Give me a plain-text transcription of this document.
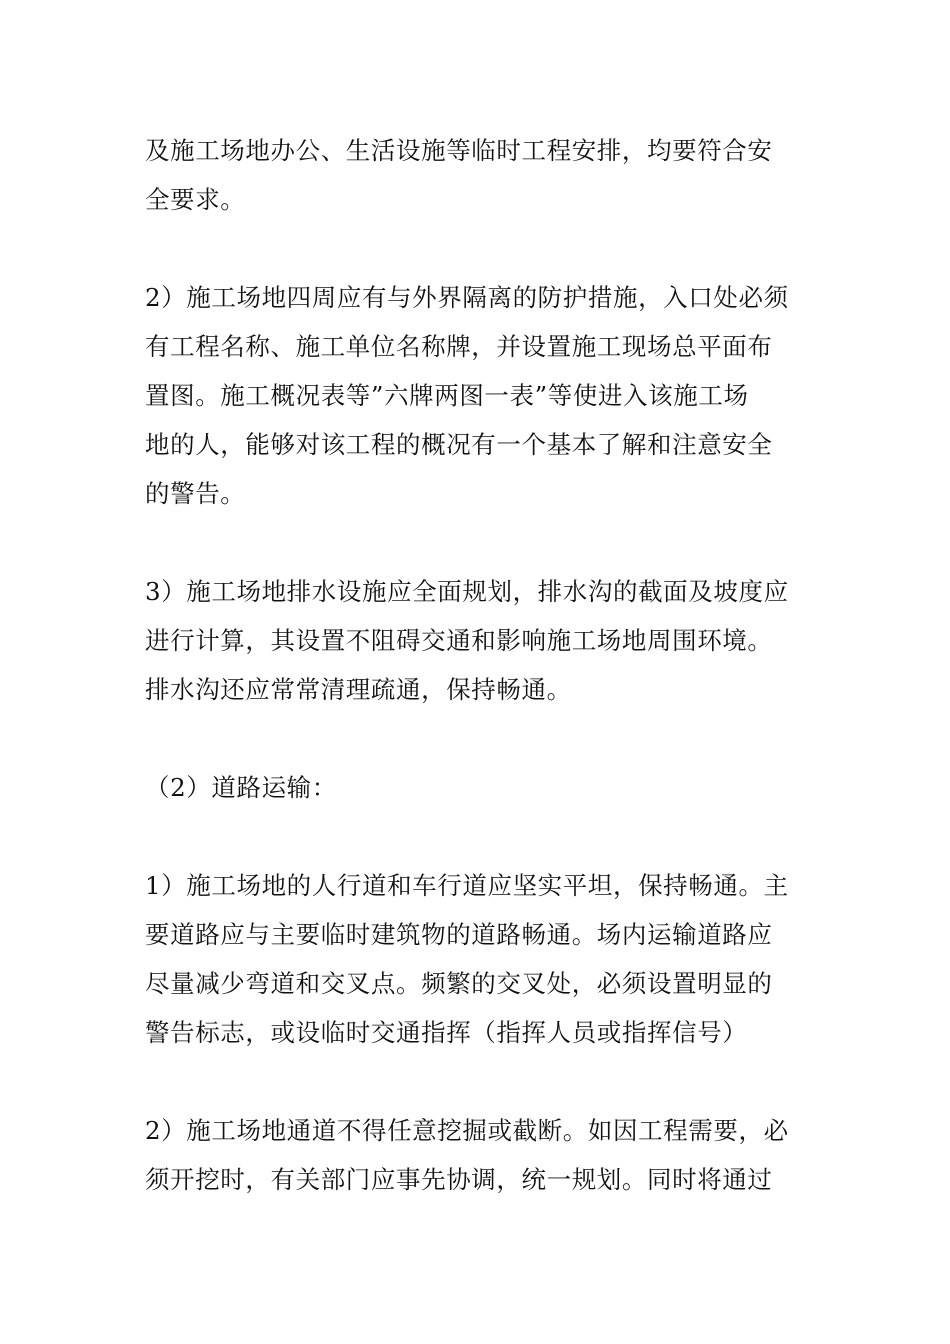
及施工场地办公、生活设施等临时工程安排，均要符合安
全要求。

2）施工场地四周应有与外界隔离的防护措施，入口处必须
有工程名称、施工单位名称牌，并设置施工现场总平面布
置图。施工概况表等”六牌两图一表”等使进入该施工场
地的人，能够对该工程的概况有一个基本了解和注意安全
的警告。

3）施工场地排水设施应全面规划，排水沟的截面及坡度应
进行计算，其设置不阻碍交通和影响施工场地周围环境。
排水沟还应常常清理疏通，保持畅通。

（2）道路运输：

1）施工场地的人行道和车行道应坚实平坦，保持畅通。主
要道路应与主要临时建筑物的道路畅通。场内运输道路应
尽量减少弯道和交叉点。频繁的交叉处，必须设置明显的
警告标志，或设临时交通指挥（指挥人员或指挥信号）

2）施工场地通道不得任意挖掘或截断。如因工程需要，必
须开挖时，有关部门应事先协调，统一规划。同时将通过
